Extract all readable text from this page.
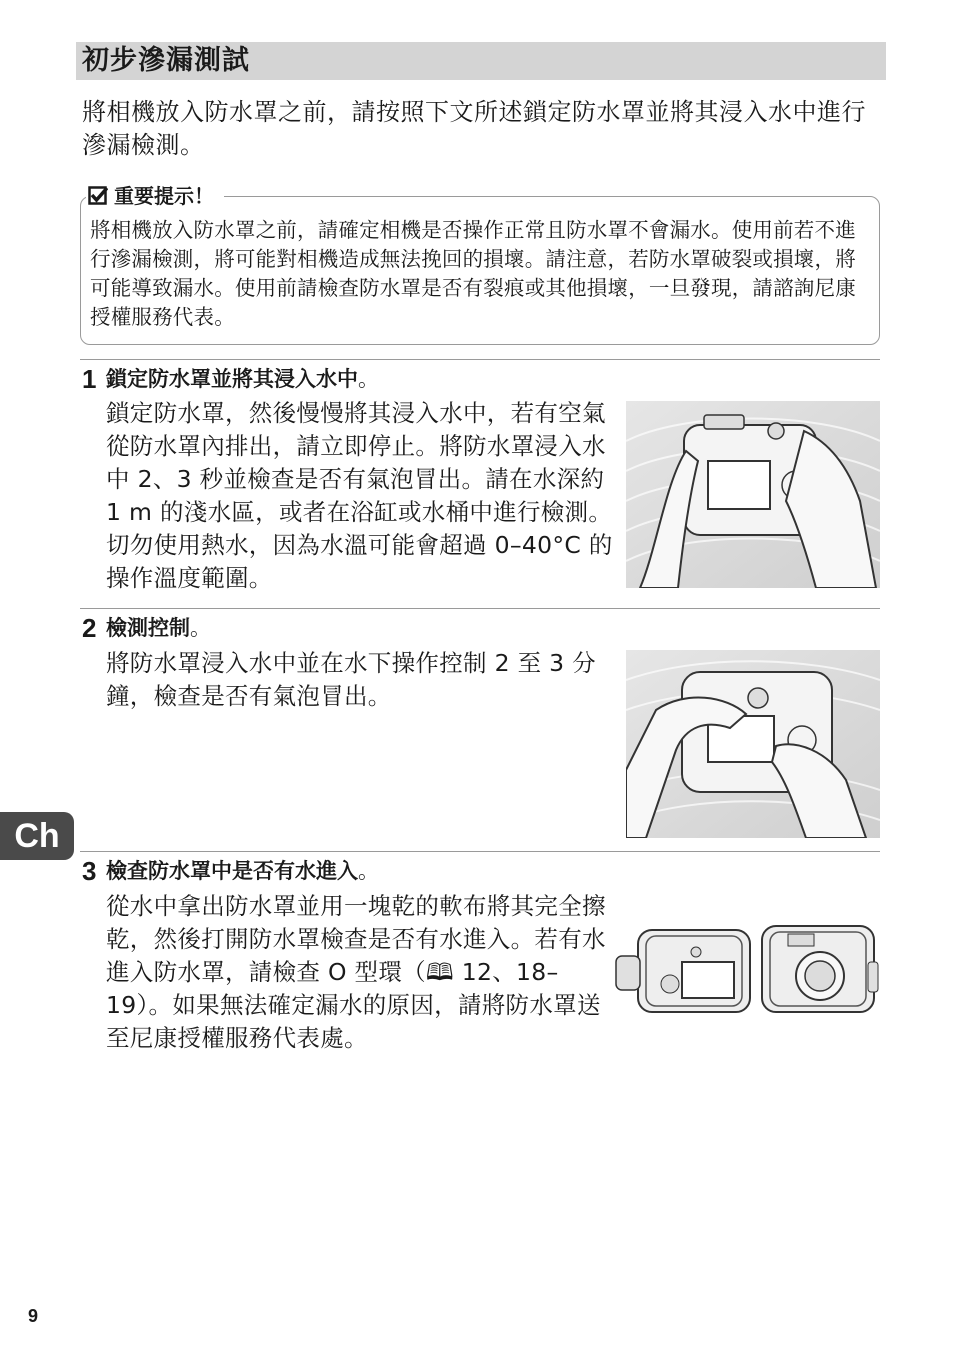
初步滲漏測試
將相機放入防水罩之前，請按照下文所述鎖定防水罩並將其浸入水中進行滲漏檢測。
重要提示！
將相機放入防水罩之前，請確定相機是否操作正常且防水罩不會漏水。使用前若不進行滲漏檢測，將可能對相機造成無法挽回的損壞。請注意，若防水罩破裂或損壞，將可能導致漏水。使用前請檢查防水罩是否有裂痕或其他損壞，一旦發現，請諮詢尼康授權服務代表。
1 鎖定防水罩並將其浸入水中。
鎖定防水罩，然後慢慢將其浸入水中，若有空氣從防水罩內排出，請立即停止。將防水罩浸入水中 2、3 秒並檢查是否有氣泡冒出。請在水深約 1 m 的淺水區，或者在浴缸或水桶中進行檢測。切勿使用熱水，因為水溫可能會超過 0–40°C 的操作溫度範圍。
2 檢測控制。
將防水罩浸入水中並在水下操作控制 2 至 3 分鐘，檢查是否有氣泡冒出。
3 檢查防水罩中是否有水進入。
從水中拿出防水罩並用一塊乾的軟布將其完全擦乾，然後打開防水罩檢查是否有水進入。若有水進入防水罩，請檢查 O 型環（🕮 12、18–19）。如果無法確定漏水的原因，請將防水罩送至尼康授權服務代表處。
Ch
9
